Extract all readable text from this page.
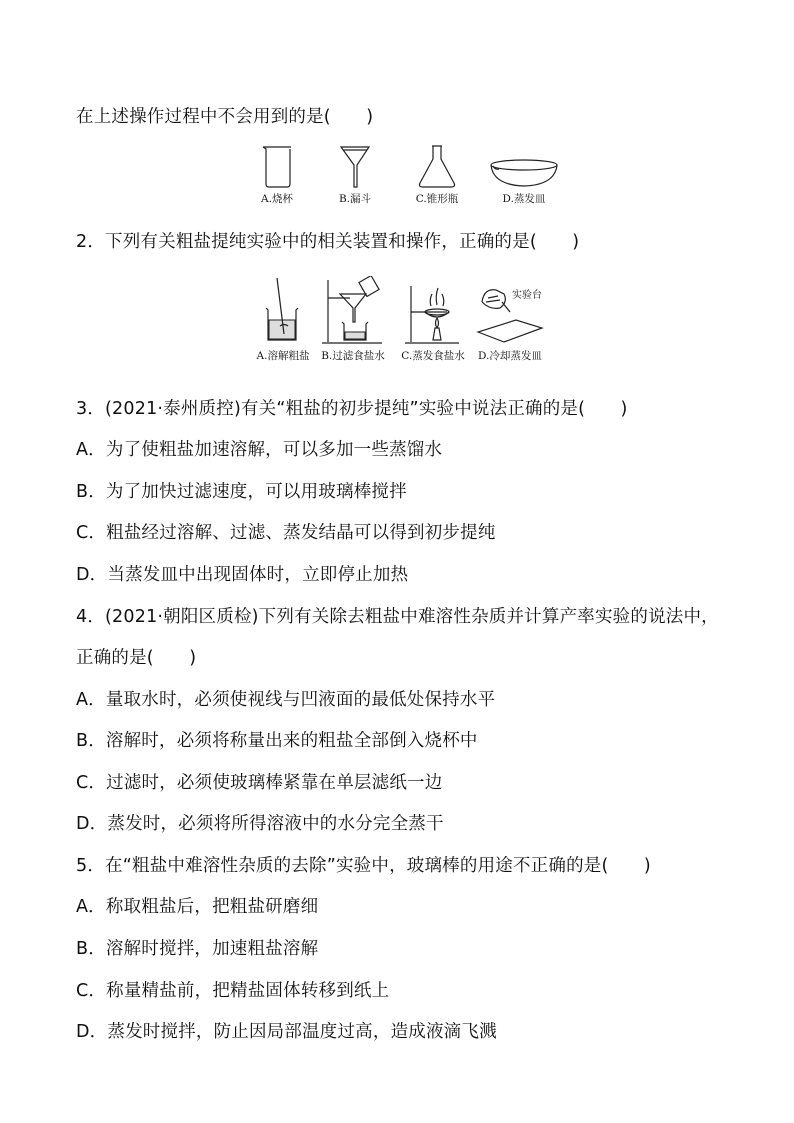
在上述操作过程中不会用到的是(　　)
A.烧杯	B.漏斗	C.锥形瓶	D.蒸发皿
2．下列有关粗盐提纯实验中的相关装置和操作，正确的是(　　)
A.溶解粗盐 B.过滤食盐水 C.蒸发食盐水
实验台
D.冷却蒸发皿
3．(2021·泰州质控)有关“粗盐的初步提纯”实验中说法正确的是(　　)
A．为了使粗盐加速溶解，可以多加一些蒸馏水
B．为了加快过滤速度，可以用玻璃棒搅拌
C．粗盐经过溶解、过滤、蒸发结晶可以得到初步提纯
D．当蒸发皿中出现固体时，立即停止加热
4．(2021·朝阳区质检)下列有关除去粗盐中难溶性杂质并计算产率实验的说法中，
正确的是(　　)
A．量取水时，必须使视线与凹液面的最低处保持水平
B．溶解时，必须将称量出来的粗盐全部倒入烧杯中
C．过滤时，必须使玻璃棒紧靠在单层滤纸一边
D．蒸发时，必须将所得溶液中的水分完全蒸干
5．在“粗盐中难溶性杂质的去除”实验中，玻璃棒的用途不正确的是(　　)
A．称取粗盐后，把粗盐研磨细
B．溶解时搅拌，加速粗盐溶解
C．称量精盐前，把精盐固体转移到纸上
D．蒸发时搅拌，防止因局部温度过高，造成液滴飞溅
